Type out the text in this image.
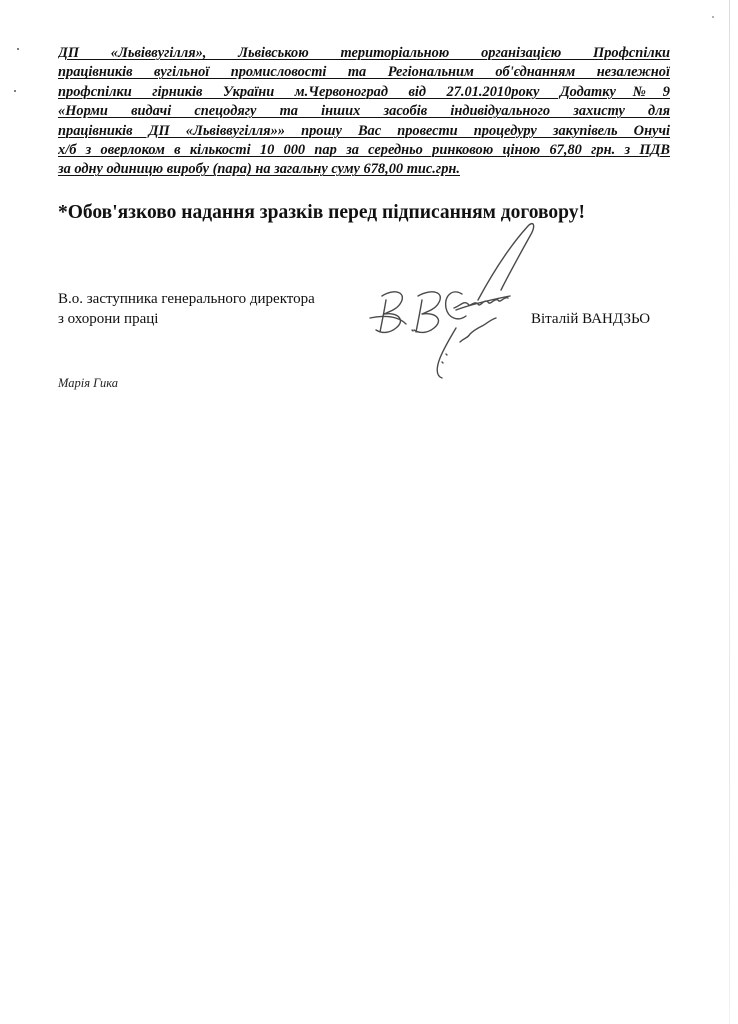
ДП «Львіввугілля», Львівською територіальною організацією Профспілки
працівників вугільної промисловості та Регіональним об'єднанням незалежної
профспілки гірників України м.Червоноград від 27.01.2010року Додатку№9
«Норми видачі спецодягу та інших засобів індивідуального захисту для
працівників ДП «Львіввугілля»» прошу Вас провести процедуру закупівель Онучі
х/б з оверлоком в кількості 10 000 пар за середньо ринковою ціною 67,80 грн. з ПДВ
за одну одиницю виробу (пара) на загальну суму 678,00 тис.грн.
*Обов'язково надання зразків перед підписанням договору!
В.о. заступника генерального директора
з охорони праці	Віталій ВАНДЗЬО
Марія Гика
